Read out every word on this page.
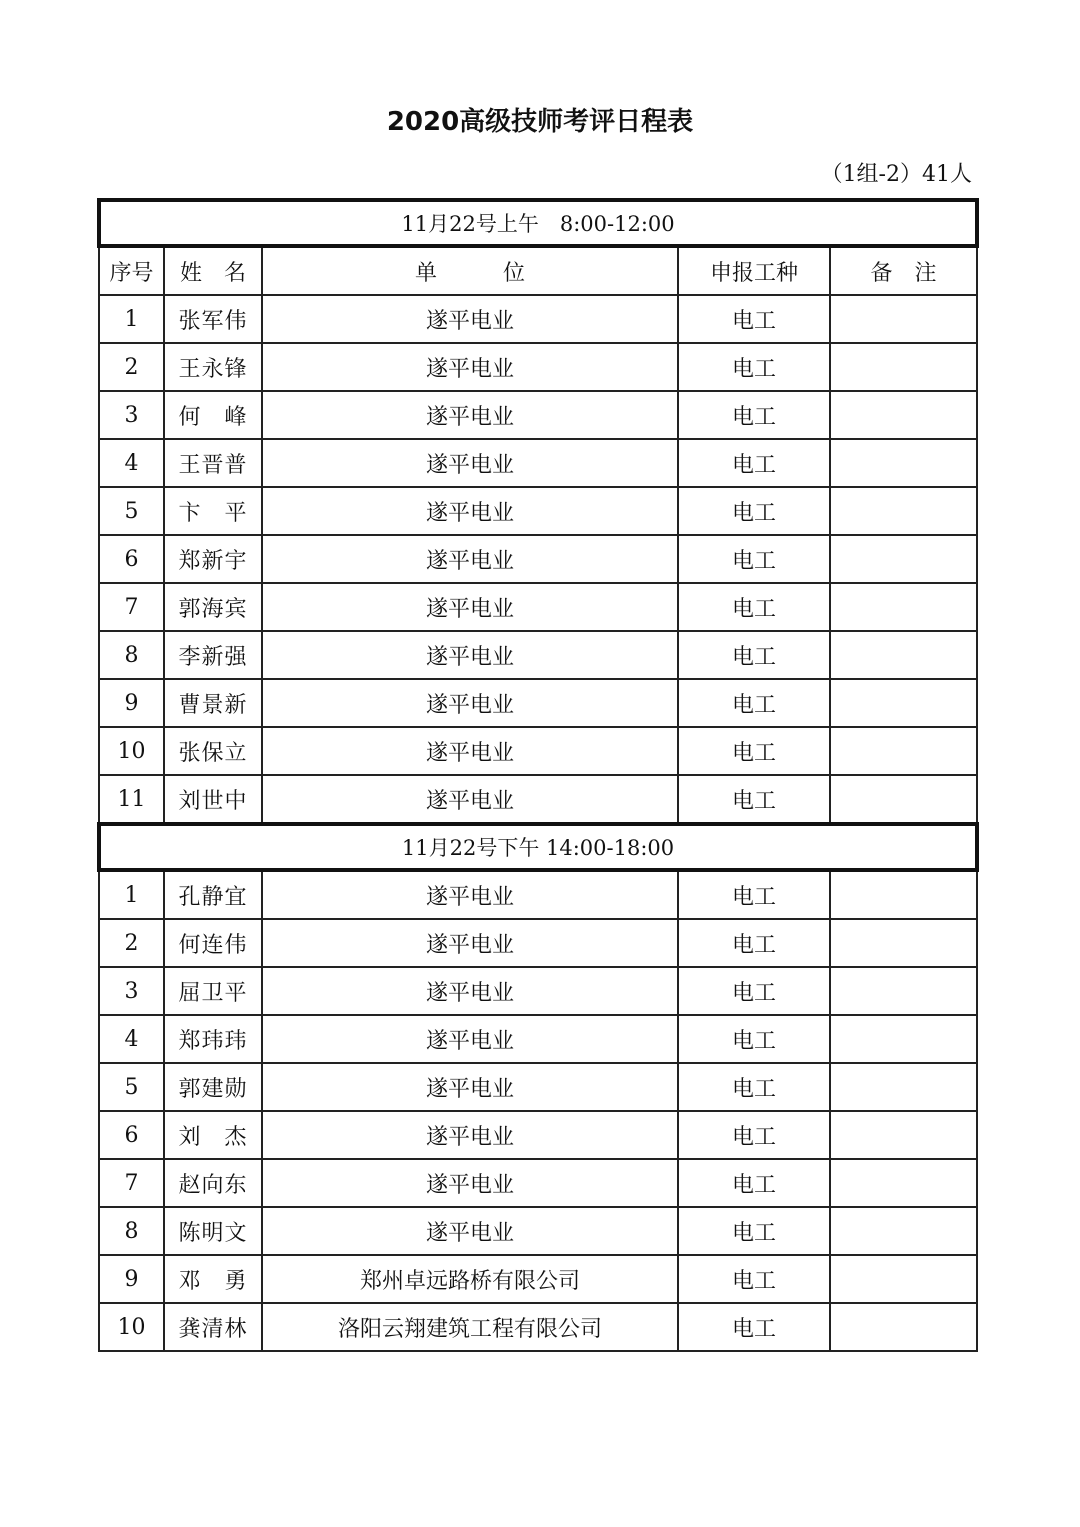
2020高级技师考评日程表
（1组-2）41人
11月22号上午　8:00-12:00				
序号	姓　名	单　　　位	申报工种	备　注
1	张军伟	遂平电业	电工	
2	王永锋	遂平电业	电工	
3	何　峰	遂平电业	电工	
4	王晋普	遂平电业	电工	
5	卞　平	遂平电业	电工	
6	郑新宇	遂平电业	电工	
7	郭海宾	遂平电业	电工	
8	李新强	遂平电业	电工	
9	曹景新	遂平电业	电工	
10	张保立	遂平电业	电工	
11	刘世中	遂平电业	电工	
11月22号下午 14:00-18:00				
1	孔静宜	遂平电业	电工	
2	何连伟	遂平电业	电工	
3	屈卫平	遂平电业	电工	
4	郑玮玮	遂平电业	电工	
5	郭建勋	遂平电业	电工	
6	刘　杰	遂平电业	电工	
7	赵向东	遂平电业	电工	
8	陈明文	遂平电业	电工	
9	邓　勇	郑州卓远路桥有限公司	电工	
10	龚清林	洛阳云翔建筑工程有限公司	电工	
